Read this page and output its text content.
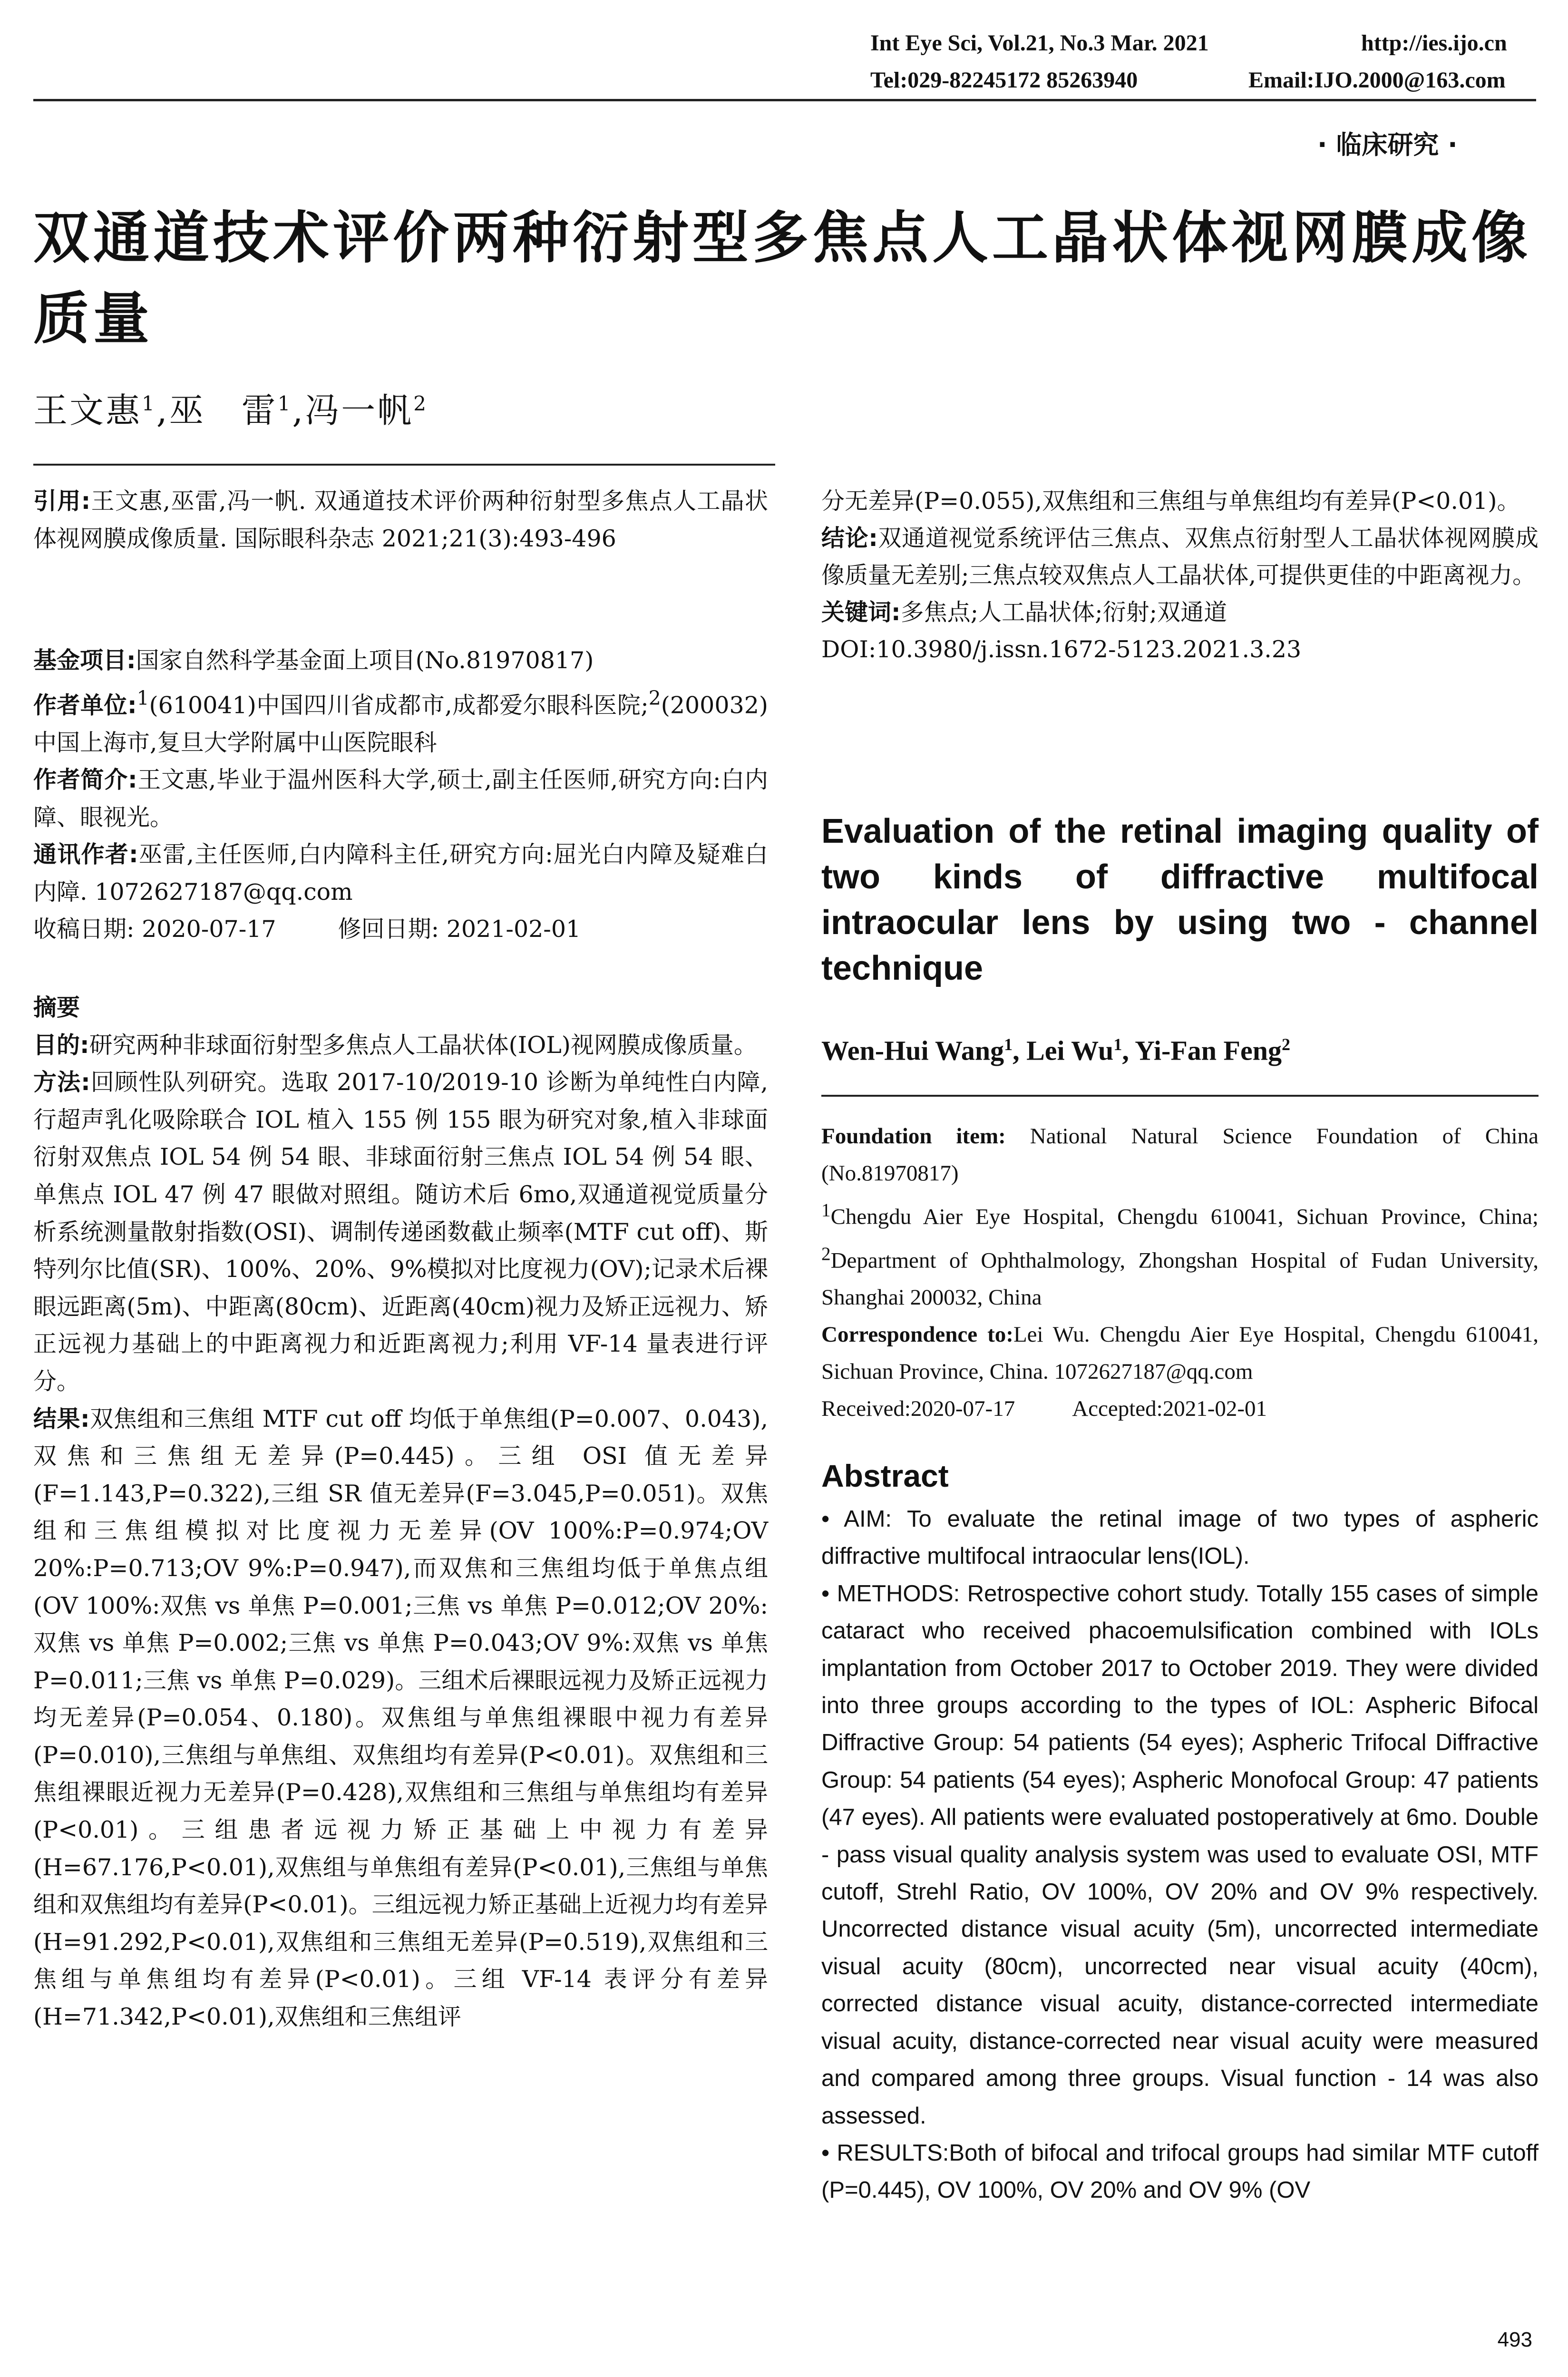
Int Eye Sci, Vol.21, No.3 Mar. 2021	http://ies.ijo.cn
Tel:029-82245172 85263940	Email:IJO.2000@163.com
· 临床研究 ·
双通道技术评价两种衍射型多焦点人工晶状体视网膜成像质量
王文惠$^1$,巫　雷$^1$,冯一帆$^2$

引用:王文惠,巫雷,冯一帆. 双通道技术评价两种衍射型多焦点人工晶状体视网膜成像质量. 国际眼科杂志 2021;21(3):493-496

基金项目:国家自然科学基金面上项目(No.81970817)

作者单位:$^1$(610041)中国四川省成都市,成都爱尔眼科医院;$^2$(200032)中国上海市,复旦大学附属中山医院眼科

作者简介:王文惠,毕业于温州医科大学,硕士,副主任医师,研究方向:白内障、眼视光。

通讯作者:巫雷,主任医师,白内障科主任,研究方向:屈光白内障及疑难白内障. 1072627187@qq.com

收稿日期: 2020-07-17	修回日期: 2021-02-01

摘要

目的:研究两种非球面衍射型多焦点人工晶状体(IOL)视网膜成像质量。

方法:回顾性队列研究。选取 2017-10/2019-10 诊断为单纯性白内障,行超声乳化吸除联合 IOL 植入 155 例 155 眼为研究对象,植入非球面衍射双焦点 IOL 54 例 54 眼、非球面衍射三焦点 IOL 54 例 54 眼、单焦点 IOL 47 例 47 眼做对照组。随访术后 6mo,双通道视觉质量分析系统测量散射指数(OSI)、调制传递函数截止频率(MTF cut off)、斯特列尔比值(SR)、100%、20%、9%模拟对比度视力(OV);记录术后裸眼远距离(5m)、中距离(80cm)、近距离(40cm)视力及矫正远视力、矫正远视力基础上的中距离视力和近距离视力;利用 VF-14 量表进行评分。

结果:双焦组和三焦组 MTF cut off 均低于单焦组(P=0.007、0.043),双焦和三焦组无差异(P=0.445)。三组 OSI 值无差异(F=1.143,P=0.322),三组 SR 值无差异(F=3.045,P=0.051)。双焦组和三焦组模拟对比度视力无差异(OV 100%:P=0.974;OV 20%:P=0.713;OV 9%:P=0.947),而双焦和三焦组均低于单焦点组(OV 100%:双焦 vs 单焦 P=0.001;三焦 vs 单焦 P=0.012;OV 20%:双焦 vs 单焦 P=0.002;三焦 vs 单焦 P=0.043;OV 9%:双焦 vs 单焦 P=0.011;三焦 vs 单焦 P=0.029)。三组术后裸眼远视力及矫正远视力均无差异(P=0.054、0.180)。双焦组与单焦组裸眼中视力有差异(P=0.010),三焦组与单焦组、双焦组均有差异(P<0.01)。双焦组和三焦组裸眼近视力无差异(P=0.428),双焦组和三焦组与单焦组均有差异(P<0.01)。三组患者远视力矫正基础上中视力有差异(H=67.176,P<0.01),双焦组与单焦组有差异(P<0.01),三焦组与单焦组和双焦组均有差异(P<0.01)。三组远视力矫正基础上近视力均有差异(H=91.292,P<0.01),双焦组和三焦组无差异(P=0.519),双焦组和三焦组与单焦组均有差异(P<0.01)。三组 VF-14 表评分有差异(H=71.342,P<0.01),双焦组和三焦组评

分无差异(P=0.055),双焦组和三焦组与单焦组均有差异(P<0.01)。

结论:双通道视觉系统评估三焦点、双焦点衍射型人工晶状体视网膜成像质量无差别;三焦点较双焦点人工晶状体,可提供更佳的中距离视力。

关键词:多焦点;人工晶状体;衍射;双通道

DOI:10.3980/j.issn.1672-5123.2021.3.23

Evaluation of the retinal imaging quality of two kinds of diffractive multifocal intraocular lens by using two - channel technique
Wen-Hui Wang$^1$, Lei Wu$^1$, Yi-Fan Feng$^2$

Foundation item: National Natural Science Foundation of China (No.81970817)

$^1$Chengdu Aier Eye Hospital, Chengdu 610041, Sichuan Province, China; $^2$Department of Ophthalmology, Zhongshan Hospital of Fudan University, Shanghai 200032, China

Correspondence to:Lei Wu. Chengdu Aier Eye Hospital, Chengdu 610041, Sichuan Province, China. 1072627187@qq.com

Received:2020-07-17	Accepted:2021-02-01

Abstract

• AIM: To evaluate the retinal image of two types of aspheric diffractive multifocal intraocular lens(IOL).

• METHODS: Retrospective cohort study. Totally 155 cases of simple cataract who received phacoemulsification combined with IOLs implantation from October 2017 to October 2019. They were divided into three groups according to the types of IOL: Aspheric Bifocal Diffractive Group: 54 patients (54 eyes); Aspheric Trifocal Diffractive Group: 54 patients (54 eyes); Aspheric Monofocal Group: 47 patients (47 eyes). All patients were evaluated postoperatively at 6mo. Double - pass visual quality analysis system was used to evaluate OSI, MTF cutoff, Strehl Ratio, OV 100%, OV 20% and OV 9% respectively. Uncorrected distance visual acuity (5m), uncorrected intermediate visual acuity (80cm), uncorrected near visual acuity (40cm), corrected distance visual acuity, distance-corrected intermediate visual acuity, distance-corrected near visual acuity were measured and compared among three groups. Visual function - 14 was also assessed.

• RESULTS:Both of bifocal and trifocal groups had similar MTF cutoff (P=0.445), OV 100%, OV 20% and OV 9% (OV

493
